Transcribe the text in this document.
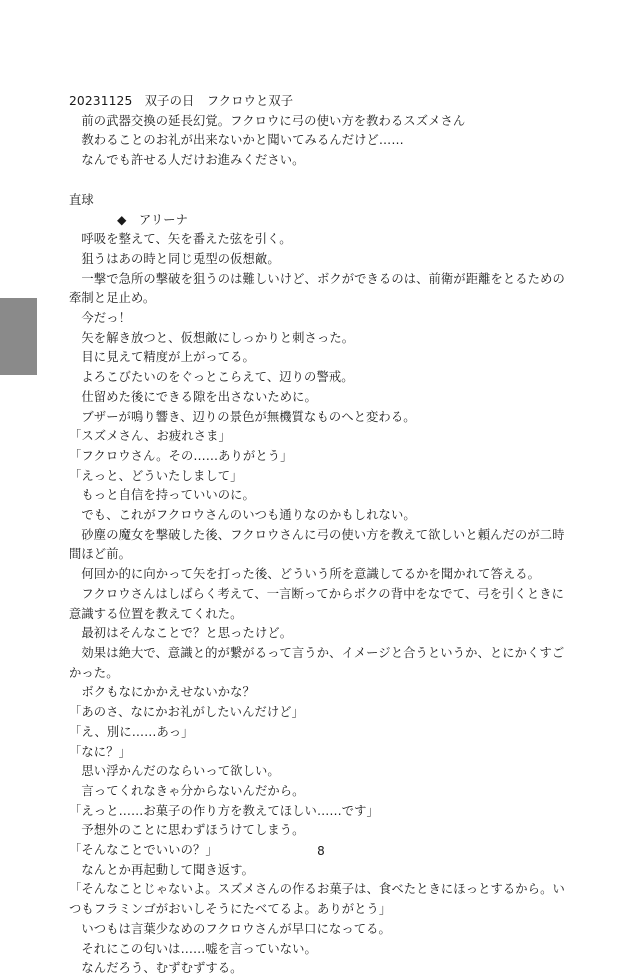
20231125　双子の日　フクロウと双子
　前の武器交換の延長幻覚。フクロウに弓の使い方を教わるスズメさん
　教わることのお礼が出来ないかと聞いてみるんだけど……
　なんでも許せる人だけお進みください。
直球
◆　アリーナ
　呼吸を整えて、矢を番えた弦を引く。
　狙うはあの時と同じ兎型の仮想敵。
　一撃で急所の撃破を狙うのは難しいけど、ボクができるのは、前衛が距離をとるための
牽制と足止め。
　今だっ！
　矢を解き放つと、仮想敵にしっかりと刺さった。
　目に見えて精度が上がってる。
　よろこびたいのをぐっとこらえて、辺りの警戒。
　仕留めた後にできる隙を出さないために。
　ブザーが鳴り響き、辺りの景色が無機質なものへと変わる。
「スズメさん、お疲れさま」
「フクロウさん。その……ありがとう」
「えっと、どういたしまして」
　もっと自信を持っていいのに。
　でも、これがフクロウさんのいつも通りなのかもしれない。
　砂塵の魔女を撃破した後、フクロウさんに弓の使い方を教えて欲しいと頼んだのが二時
間ほど前。
　何回か的に向かって矢を打った後、どういう所を意識してるかを聞かれて答える。
　フクロウさんはしばらく考えて、一言断ってからボクの背中をなでて、弓を引くときに
意識する位置を教えてくれた。
　最初はそんなことで？と思ったけど。
　効果は絶大で、意識と的が繋がるって言うか、イメージと合うというか、とにかくすご
かった。
　ボクもなにかかえせないかな？
「あのさ、なにかお礼がしたいんだけど」
「え、別に……あっ」
「なに？」
　思い浮かんだのならいって欲しい。
　言ってくれなきゃ分からないんだから。
「えっと……お菓子の作り方を教えてほしい……です」
　予想外のことに思わずほうけてしまう。
「そんなことでいいの？」
　なんとか再起動して聞き返す。
「そんなことじゃないよ。スズメさんの作るお菓子は、食べたときにほっとするから。い
つもフラミンゴがおいしそうにたべてるよ。ありがとう」
　いつもは言葉少なめのフクロウさんが早口になってる。
　それにこの匂いは……嘘を言っていない。
　なんだろう、むずむずする。
8
